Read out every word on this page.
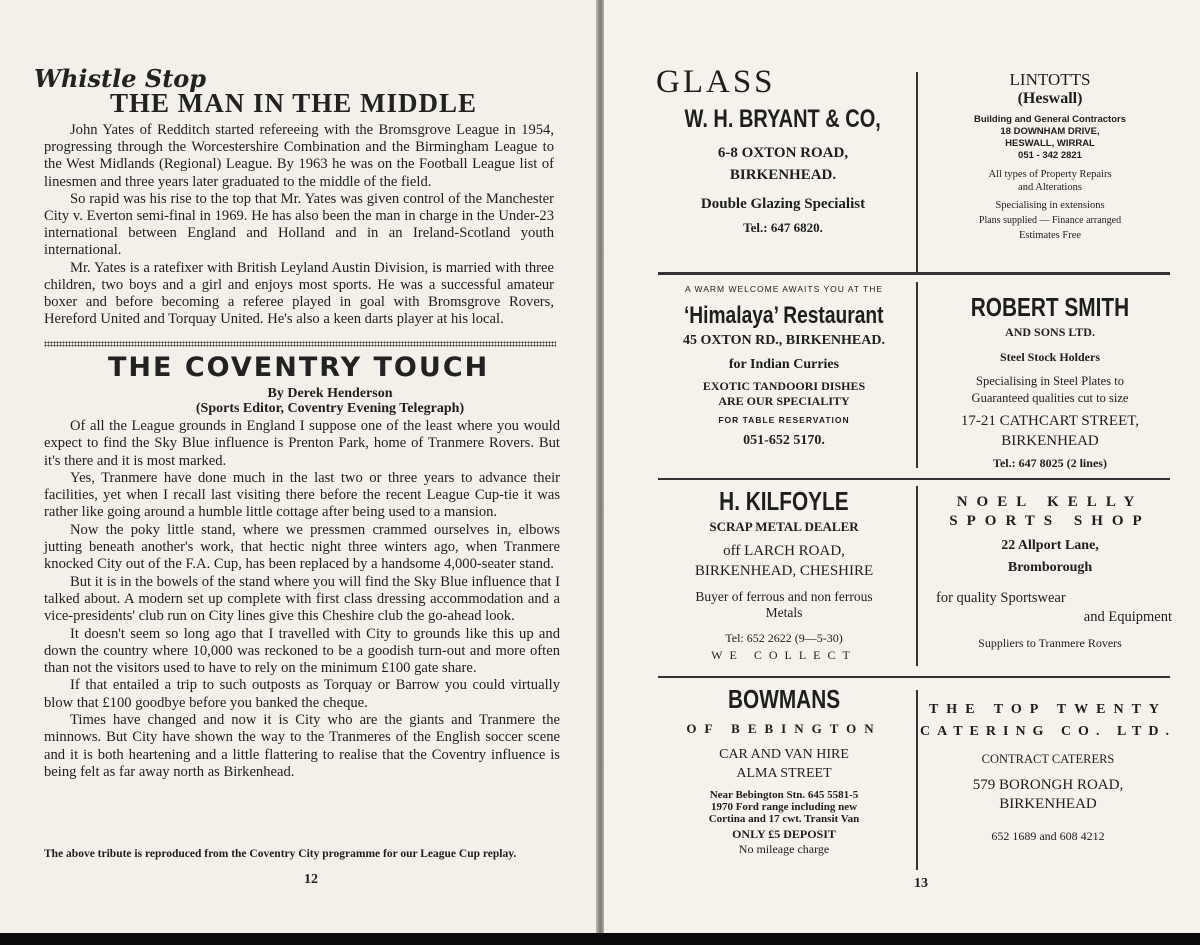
Whistle Stop
THE MAN IN THE MIDDLE

John Yates of Redditch started refereeing with the Bromsgrove League in 1954, progressing through the Worcestershire Combination and the Birmingham League to the West Midlands (Regional) League. By 1963 he was on the Football League list of linesmen and three years later graduated to the middle of the field.

So rapid was his rise to the top that Mr. Yates was given control of the Manchester City v. Everton semi-final in 1969. He has also been the man in charge in the Under-23 international between England and Holland and in an Ireland-Scotland youth international.

Mr. Yates is a ratefixer with British Leyland Austin Division, is married with three children, two boys and a girl and enjoys most sports. He was a successful amateur boxer and before becoming a referee played in goal with Bromsgrove Rovers, Hereford United and Torquay United. He's also a keen darts player at his local.

THE COVENTRY TOUCH
By Derek Henderson
(Sports Editor, Coventry Evening Telegraph)

Of all the League grounds in England I suppose one of the least where you would expect to find the Sky Blue influence is Prenton Park, home of Tranmere Rovers. But it's there and it is most marked.

Yes, Tranmere have done much in the last two or three years to advance their facilities, yet when I recall last visiting there before the recent League Cup-tie it was rather like going around a humble little cottage after being used to a mansion.

Now the poky little stand, where we pressmen crammed ourselves in, elbows jutting beneath another's work, that hectic night three winters ago, when Tranmere knocked City out of the F.A. Cup, has been replaced by a handsome 4,000-seater stand.

But it is in the bowels of the stand where you will find the Sky Blue influence that I talked about. A modern set up complete with first class dressing accommodation and a vice-presidents' club run on City lines give this Cheshire club the go-ahead look.

It doesn't seem so long ago that I travelled with City to grounds like this up and down the country where 10,000 was reckoned to be a goodish turn-out and more often than not the visitors used to have to rely on the minimum £100 gate share.

If that entailed a trip to such outposts as Torquay or Barrow you could virtually blow that £100 goodbye before you banked the cheque.

Times have changed and now it is City who are the giants and Tranmere the minnows. But City have shown the way to the Tranmeres of the English soccer scene and it is both heartening and a little flattering to realise that the Coventry influence is being felt as far away north as Birkenhead.

The above tribute is reproduced from the Coventry City programme for our League Cup replay.
12
GLASS
W. H. BRYANT & CO,
6-8 OXTON ROAD,
BIRKENHEAD.
Double Glazing Specialist
Tel.: 647 6820.
LINTOTTS
(Heswall)
Building and General Contractors
18 DOWNHAM DRIVE,
HESWALL, WIRRAL
051 - 342 2821
All types of Property Repairs
and Alterations
Specialising in extensions
Plans supplied — Finance arranged
Estimates Free
A WARM WELCOME AWAITS YOU AT THE
‘Himalaya’ Restaurant
45 OXTON RD., BIRKENHEAD.
for Indian Curries
EXOTIC TANDOORI DISHES
ARE OUR SPECIALITY
FOR TABLE RESERVATION
051-652 5170.
ROBERT SMITH
AND SONS LTD.
Steel Stock Holders
Specialising in Steel Plates to
Guaranteed qualities cut to size
17-21 CATHCART STREET,
BIRKENHEAD
Tel.: 647 8025 (2 lines)
H. KILFOYLE
SCRAP METAL DEALER
off LARCH ROAD,
BIRKENHEAD, CHESHIRE
Buyer of ferrous and non ferrous
Metals
Tel: 652 2622 (9—5-30)
WE COLLECT
NOEL KELLY
SPORTS SHOP
22 Allport Lane,
Bromborough
for quality Sportswear
and Equipment
Suppliers to Tranmere Rovers
BOWMANS
OF BEBINGTON
CAR AND VAN HIRE
ALMA STREET
Near Bebington Stn. 645 5581-5
1970 Ford range including new
Cortina and 17 cwt. Transit Van
ONLY £5 DEPOSIT
No mileage charge
THE TOP TWENTY
CATERING CO. LTD.
CONTRACT CATERERS
579 BORONGH ROAD,
BIRKENHEAD
652 1689 and 608 4212
13
